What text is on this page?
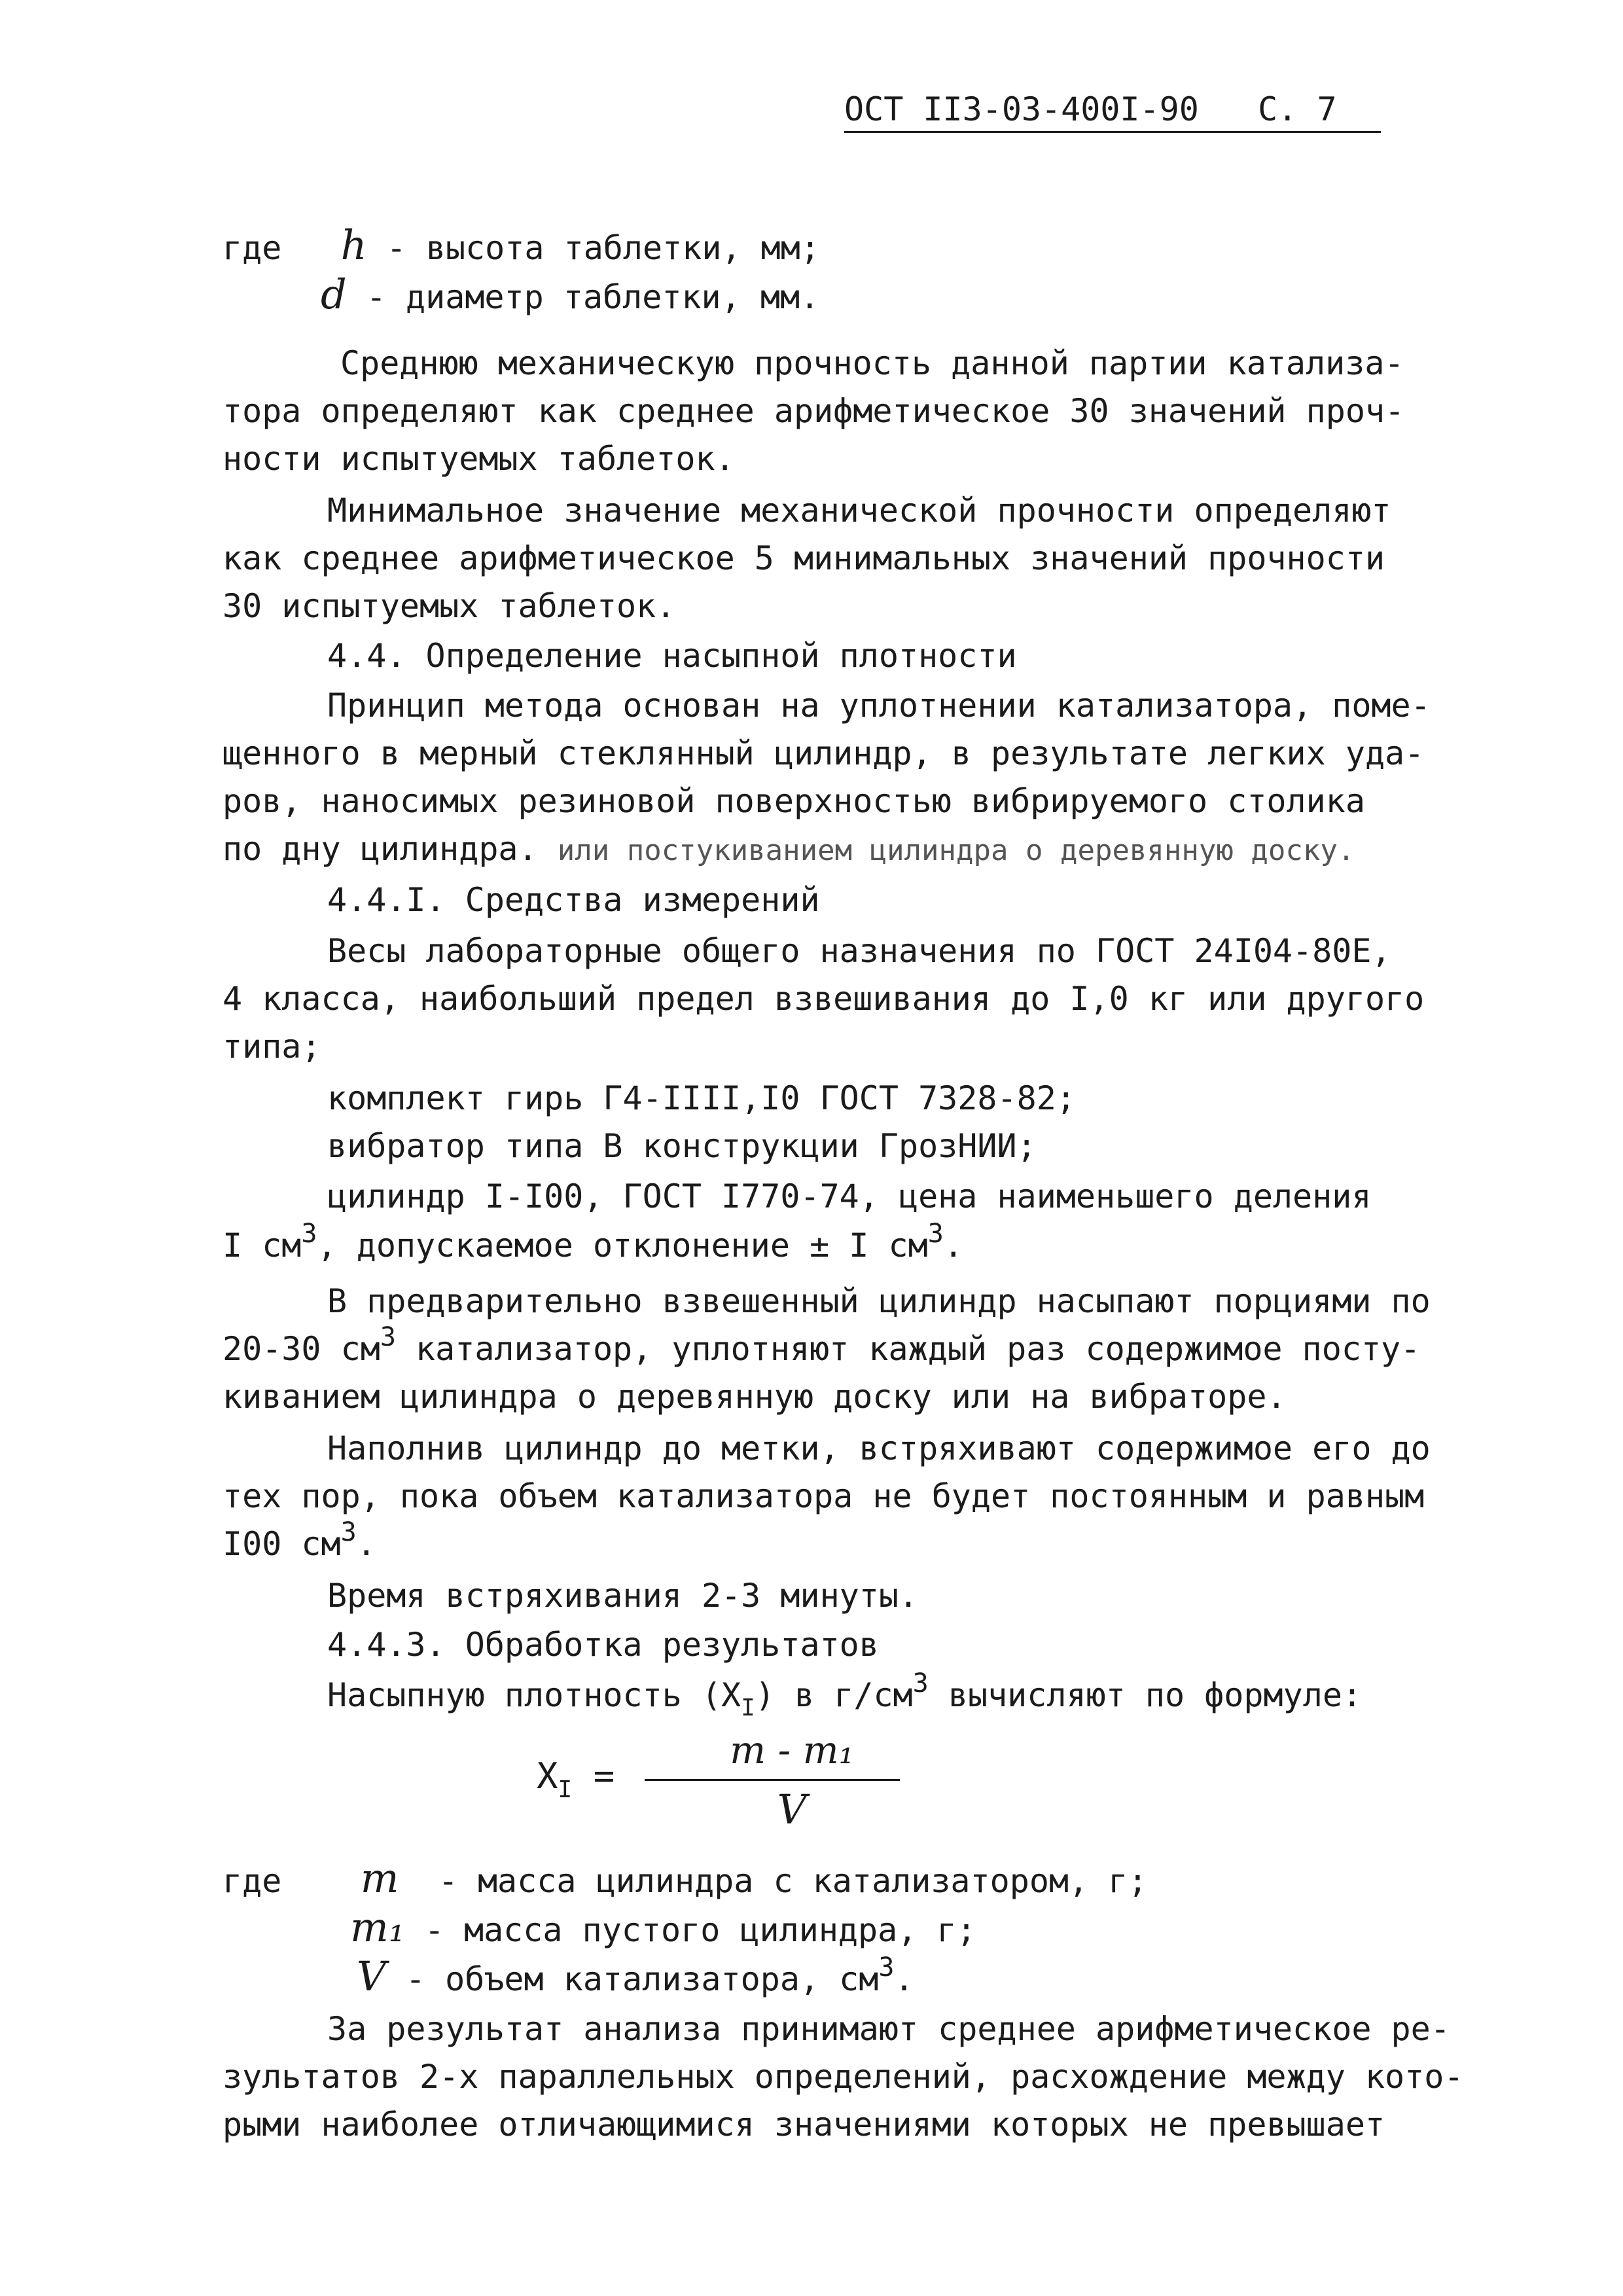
ОСТ II3-03-400I-90 С. 7
где h - высота таблетки, мм;
d - диаметр таблетки, мм.
Среднюю механическую прочность данной партии катализа-
тора определяют как среднее арифметическое 30 значений проч-
ности испытуемых таблеток.
Минимальное значение механической прочности определяют
как среднее арифметическое 5 минимальных значений прочности
30 испытуемых таблеток.
4.4. Определение насыпной плотности
Принцип метода основан на уплотнении катализатора, поме-
щенного в мерный стеклянный цилиндр, в результате легких уда-
ров, наносимых резиновой поверхностью вибрируемого столика
по дну цилиндра. или постукиванием цилиндра о деревянную доску.
4.4.I. Средства измерений
Весы лабораторные общего назначения по ГОСТ 24I04-80Е,
4 класса, наибольший предел взвешивания до I,0 кг или другого
типа;
комплект гирь Г4-IIII,I0 ГОСТ 7328-82;
вибратор типа В конструкции ГрозНИИ;
цилиндр I-I00, ГОСТ I770-74, цена наименьшего деления
I $см^3$, допускаемое отклонение ± I $см^3$.
В предварительно взвешенный цилиндр насыпают порциями по
20-30 $см^3$ катализатор, уплотняют каждый раз содержимое посту-
киванием цилиндра о деревянную доску или на вибраторе.
Наполнив цилиндр до метки, встряхивают содержимое его до
тех пор, пока объем катализатора не будет постоянным и равным
I00 $см^3$.
Время встряхивания 2-3 минуты.
4.4.3. Обработка результатов
Насыпную плотность $(X_I)$ в $г/см^3$ вычисляют по формуле:
$X_I$ =
m - m₁
V
где m - масса цилиндра с катализатором, г;
m₁ - масса пустого цилиндра, г;
V - объем катализатора, $см^3$.
За результат анализа принимают среднее арифметическое ре-
зультатов 2-х параллельных определений, расхождение между кото-
рыми наиболее отличающимися значениями которых не превышает
